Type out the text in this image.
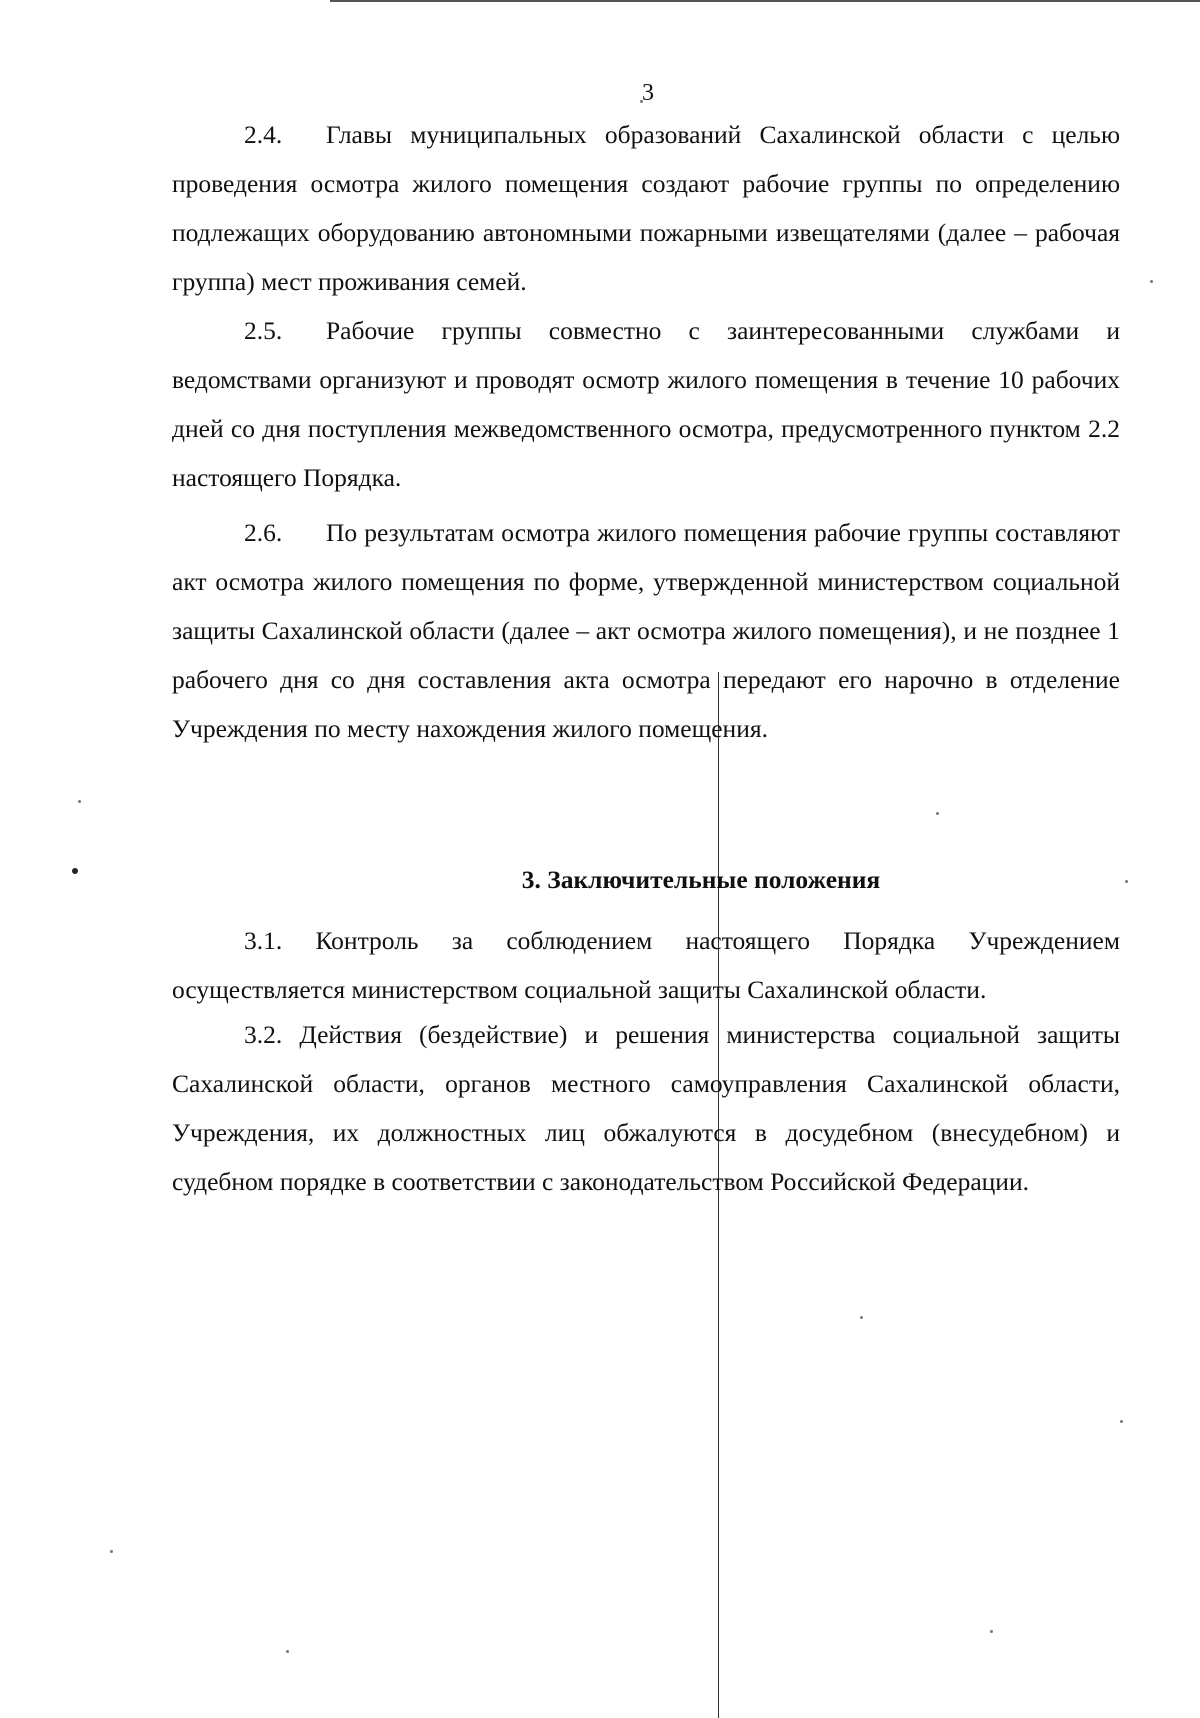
3

2.4. Главы муниципальных образований Сахалинской области с целью проведения осмотра жилого помещения создают рабочие группы по определению подлежащих оборудованию автономными пожарными извещателями (далее – рабочая группа) мест проживания семей.

2.5. Рабочие группы совместно с заинтересованными службами и ведомствами организуют и проводят осмотр жилого помещения в течение 10 рабочих дней со дня поступления межведомственного осмотра, предусмотренного пунктом 2.2 настоящего Порядка.

2.6. По результатам осмотра жилого помещения рабочие группы составляют акт осмотра жилого помещения по форме, утвержденной министерством социальной защиты Сахалинской области (далее – акт осмотра жилого помещения), и не позднее 1 рабочего дня со дня составления акта осмотра передают его нарочно в отделение Учреждения по месту нахождения жилого помещения.

3. Заключительные положения

3.1. Контроль за соблюдением настоящего Порядка Учреждением осуществляется министерством социальной защиты Сахалинской области.

3.2. Действия (бездействие) и решения министерства социальной защиты Сахалинской области, органов местного самоуправления Сахалинской области, Учреждения, их должностных лиц обжалуются в досудебном (внесудебном) и судебном порядке в соответствии с законодательством Российской Федерации.
